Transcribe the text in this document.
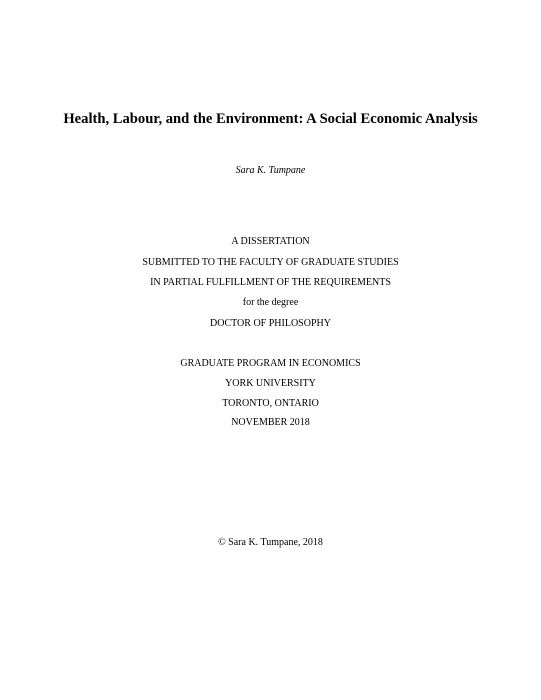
Health, Labour, and the Environment: A Social Economic Analysis
Sara K. Tumpane
A DISSERTATION
SUBMITTED TO THE FACULTY OF GRADUATE STUDIES
IN PARTIAL FULFILLMENT OF THE REQUIREMENTS
for the degree
DOCTOR OF PHILOSOPHY
GRADUATE PROGRAM IN ECONOMICS
YORK UNIVERSITY
TORONTO, ONTARIO
NOVEMBER 2018
© Sara K. Tumpane, 2018
